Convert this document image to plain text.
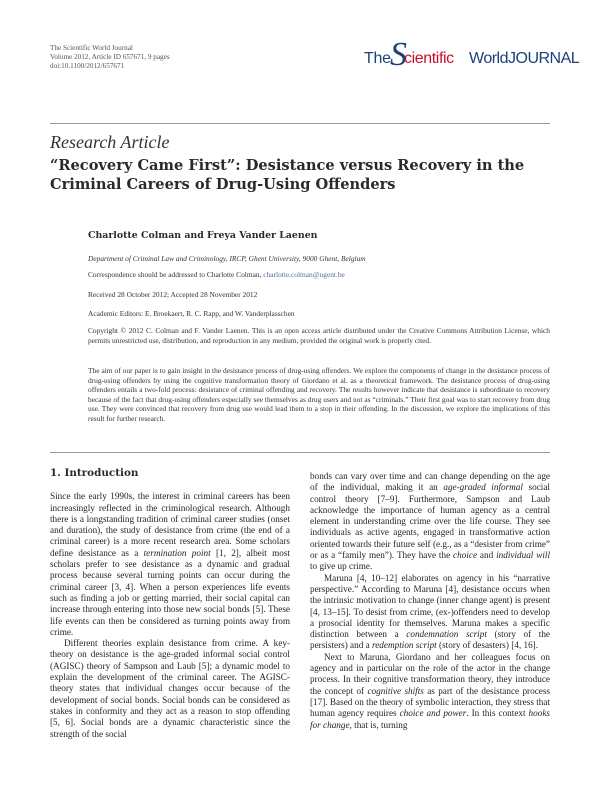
The Scientific World Journal
Volume 2012, Article ID 657671, 9 pages
doi:10.1100/2012/657671	The S
cientific WorldJOURNAL
Research Article
“Recovery Came First”: Desistance versus Recovery in the Criminal Careers of Drug-Using Offenders
Charlotte Colman and Freya Vander Laenen
Department of Criminal Law and Criminology, IRCP, Ghent University, 9000 Ghent, Belgium
Correspondence should be addressed to Charlotte Colman, charlotte.colman@ugent.be
Received 28 October 2012; Accepted 28 November 2012
Academic Editors: E. Broekaert, R. C. Rapp, and W. Vanderplasschen
Copyright © 2012 C. Colman and F. Vander Laenen. This is an open access article distributed under the Creative Commons Attribution License, which permits unrestricted use, distribution, and reproduction in any medium, provided the original work is properly cited.
The aim of our paper is to gain insight in the desistance process of drug-using offenders. We explore the components of change in the desistance process of drug-using offenders by using the cognitive transformation theory of Giordano et al. as a theoretical framework. The desistance process of drug-using offenders entails a two-fold process: desistance of criminal offending and recovery. The results however indicate that desistance is subordinate to recovery because of the fact that drug-using offenders especially see themselves as drug users and not as “criminals.” Their first goal was to start recovery from drug use. They were convinced that recovery from drug use would lead them to a stop in their offending. In the discussion, we explore the implications of this result for further research.
1. Introduction

Since the early 1990s, the interest in criminal careers has been increasingly reflected in the criminological research. Although there is a longstanding tradition of criminal career studies (onset and duration), the study of desistance from crime (the end of a criminal career) is a more recent research area. Some scholars define desistance as a termination point [1, 2], albeit most scholars prefer to see desistance as a dynamic and gradual process because several turning points can occur during the criminal career [3, 4]. When a person experiences life events such as finding a job or getting married, their social capital can increase through entering into those new social bonds [5]. These life events can then be considered as turning points away from crime.

Different theories explain desistance from crime. A key-theory on desistance is the age-graded informal social control (AGISC) theory of Sampson and Laub [5]; a dynamic model to explain the development of the criminal career. The AGISC-theory states that individual changes occur because of the development of social bonds. Social bonds can be considered as stakes in conformity and they act as a reason to stop offending [5, 6]. Social bonds are a dynamic characteristic since the strength of the social

bonds can vary over time and can change depending on the age of the individual, making it an age-graded informal social control theory [7–9]. Furthermore, Sampson and Laub acknowledge the importance of human agency as a central element in understanding crime over the life course. They see individuals as active agents, engaged in transformative action oriented towards their future self (e.g., as a “desister from crime” or as a “family men”). They have the choice and individual will to give up crime.

Maruna [4, 10–12] elaborates on agency in his “narrative perspective.” According to Maruna [4], desistance occurs when the intrinsic motivation to change (inner change agent) is present [4, 13–15]. To desist from crime, (ex-)offenders need to develop a prosocial identity for themselves. Maruna makes a specific distinction between a condemnation script (story of the persisters) and a redemption script (story of desasters) [4, 16].

Next to Maruna, Giordano and her colleagues focus on agency and in particular on the role of the actor in the change process. In their cognitive transformation theory, they introduce the concept of cognitive shifts as part of the desistance process [17]. Based on the theory of symbolic interaction, they stress that human agency requires choice and power. In this context hooks for change, that is, turning
